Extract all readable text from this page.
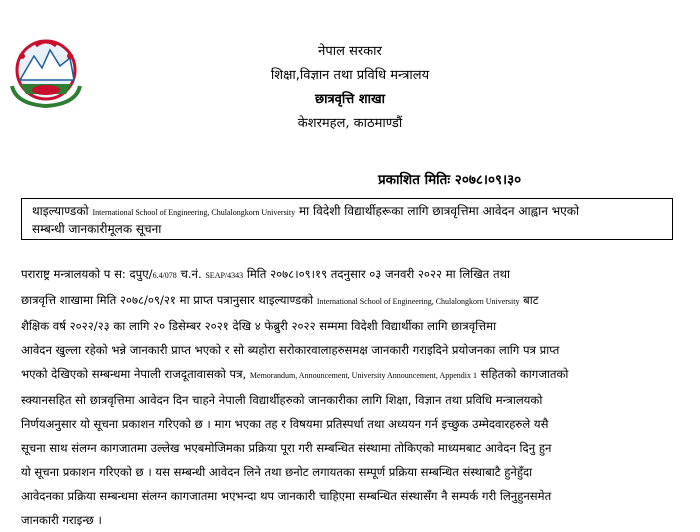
नेपाल सरकार
शिक्षा,विज्ञान तथा प्रविधि मन्त्रालय
छात्रवृत्ति शाखा
केशरमहल, काठमाण्डौं
प्रकाशित मितिः २०७८।०९।३०
थाइल्याण्डको International School of Engineering, Chulalongkorn University मा विदेशी विद्यार्थीहरूका लागि छात्रवृत्तिमा आवेदन आह्वान भएको
सम्बन्धी जानकारीमूलक सूचना
पराराष्ट्र मन्त्रालयको प स: दपुए/6.4/078 च.नं. SEAP/4343 मिति २०७८।०९।१९ तदनुसार ०३ जनवरी २०२२ मा लिखित तथा
छात्रवृत्ति शाखामा मिति २०७८/०९/२१ मा प्राप्त पत्रानुसार थाइल्याण्डको International School of Engineering, Chulalongkorn University बाट
शैक्षिक वर्ष २०२२/२३ का लागि २० डिसेम्बर २०२१ देखि ४ फेब्रुरी २०२२ सम्ममा विदेशी विद्यार्थीका लागि छात्रवृत्तिमा
आवेदन खुल्ला रहेको भन्ने जानकारी प्राप्त भएको र सो ब्यहोरा सरोकारवालाहरुसमक्ष जानकारी गराइदिने प्रयोजनका लागि पत्र प्राप्त
भएको देखिएको सम्बन्धमा नेपाली राजदूतावासको पत्र, Memorandum, Announcement, University Announcement, Appendix 1 सहितको कागजातको
स्क्यानसहित सो छात्रवृत्तिमा आवेदन दिन चाहने नेपाली विद्यार्थीहरुको जानकारीका लागि शिक्षा, विज्ञान तथा प्रविधि मन्त्रालयको
निर्णयअनुसार यो सूचना प्रकाशन गरिएको छ । माग भएका तह र विषयमा प्रतिस्पर्धा तथा अध्ययन गर्न इच्छुक उम्मेदवारहरुले यसै
सूचना साथ संलग्न कागजातमा उल्लेख भएबमोजिमका प्रक्रिया पूरा गरी सम्बन्धित संस्थामा तोकिएको माध्यमबाट आवेदन दिनु हुन
यो सूचना प्रकाशन गरिएको छ । यस सम्बन्धी आवेदन लिने तथा छनोट लगायतका सम्पूर्ण प्रक्रिया सम्बन्धित संस्थाबाटै हुनेहुँदा
आवेदनका प्रक्रिया सम्बन्धमा संलग्न कागजातमा भएभन्दा थप जानकारी चाहिएमा सम्बन्धित संस्थासँग नै सम्पर्क गरी लिनुहुनसमेत
जानकारी गराइन्छ ।
